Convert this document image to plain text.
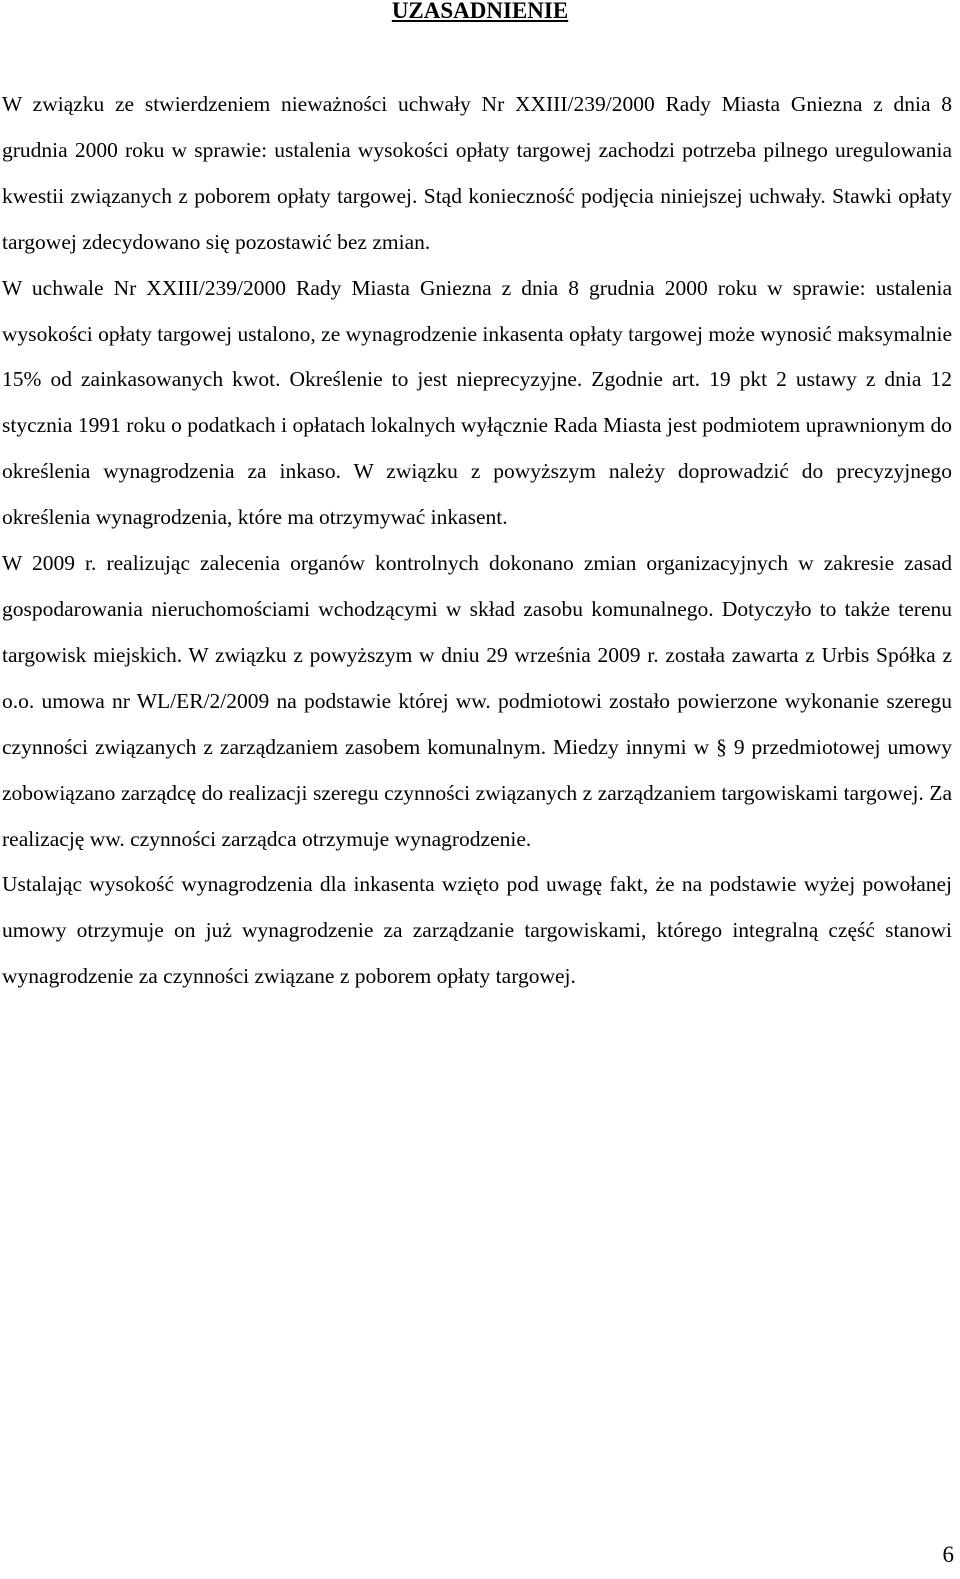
UZASADNIENIE

W związku ze stwierdzeniem nieważności uchwały Nr XXIII/239/2000 Rady Miasta Gniezna z dnia 8 grudnia 2000 roku w sprawie: ustalenia wysokości opłaty targowej zachodzi potrzeba pilnego uregulowania kwestii związanych z poborem opłaty targowej. Stąd konieczność podjęcia niniejszej uchwały. Stawki opłaty targowej zdecydowano się pozostawić bez zmian.

W uchwale Nr XXIII/239/2000 Rady Miasta Gniezna z dnia 8 grudnia 2000 roku w sprawie: ustalenia wysokości opłaty targowej ustalono, ze wynagrodzenie inkasenta opłaty targowej może wynosić maksymalnie 15% od zainkasowanych kwot. Określenie to jest nieprecyzyjne. Zgodnie art. 19 pkt 2 ustawy z dnia 12 stycznia 1991 roku o podatkach i opłatach lokalnych wyłącznie Rada Miasta jest podmiotem uprawnionym do określenia wynagrodzenia za inkaso. W związku z powyższym należy doprowadzić do precyzyjnego określenia wynagrodzenia, które ma otrzymywać inkasent.

W 2009 r. realizując zalecenia organów kontrolnych dokonano zmian organizacyjnych w zakresie zasad gospodarowania nieruchomościami wchodzącymi w skład zasobu komunalnego. Dotyczyło to także terenu targowisk miejskich. W związku z powyższym w dniu 29 września 2009 r. została zawarta z Urbis Spółka z o.o. umowa nr WL/ER/2/2009 na podstawie której ww. podmiotowi zostało powierzone wykonanie szeregu czynności związanych z zarządzaniem zasobem komunalnym. Miedzy innymi w § 9 przedmiotowej umowy zobowiązano zarządcę do realizacji szeregu czynności związanych z zarządzaniem targowiskami targowej. Za realizację ww. czynności zarządca otrzymuje wynagrodzenie.

Ustalając wysokość wynagrodzenia dla inkasenta wzięto pod uwagę fakt, że na podstawie wyżej powołanej umowy otrzymuje on już wynagrodzenie za zarządzanie targowiskami, którego integralną część stanowi wynagrodzenie za czynności związane z poborem opłaty targowej.

6
